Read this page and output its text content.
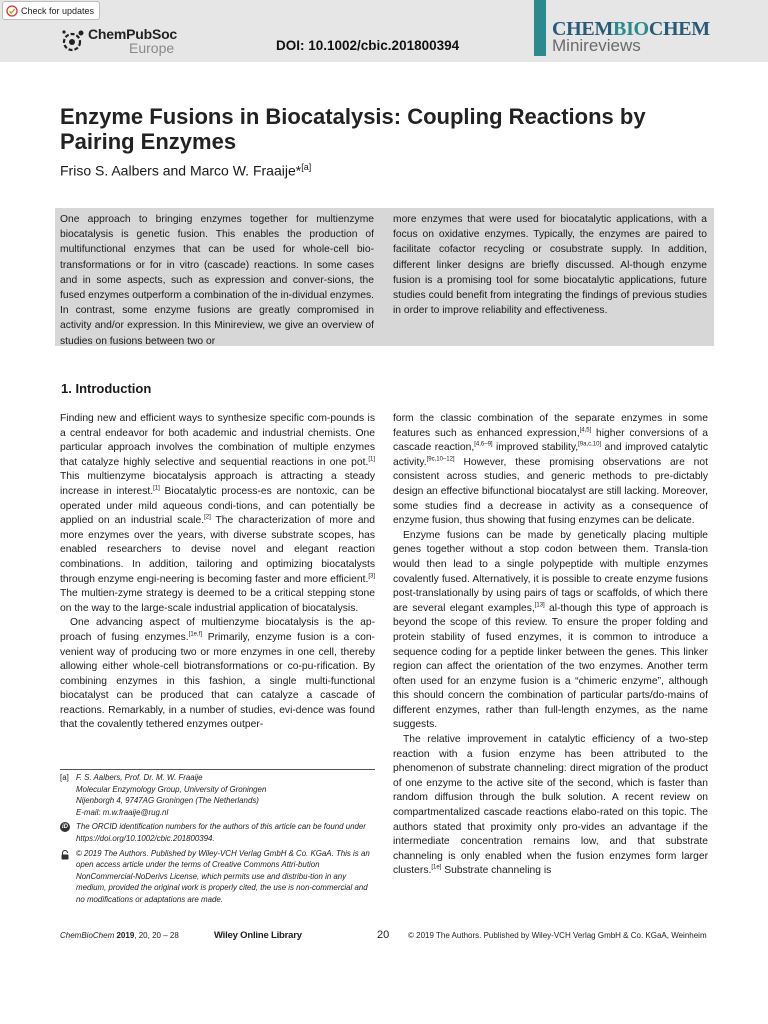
Check for updates
ChemPubSoc
Europe	DOI: 10.1002/cbic.201800394
CHEMBIOCHEM
Minireviews
Enzyme Fusions in Biocatalysis: Coupling Reactions by Pairing Enzymes
Friso S. Aalbers and Marco W. Fraaije*[a]
One approach to bringing enzymes together for multienzyme biocatalysis is genetic fusion. This enables the production of multifunctional enzymes that can be used for whole-cell bio-transformations or for in vitro (cascade) reactions. In some cases and in some aspects, such as expression and conver-sions, the fused enzymes outperform a combination of the in-dividual enzymes. In contrast, some enzyme fusions are greatly compromised in activity and/or expression. In this Minireview, we give an overview of studies on fusions between two or
more enzymes that were used for biocatalytic applications, with a focus on oxidative enzymes. Typically, the enzymes are paired to facilitate cofactor recycling or cosubstrate supply. In addition, different linker designs are briefly discussed. Al-though enzyme fusion is a promising tool for some biocatalytic applications, future studies could benefit from integrating the findings of previous studies in order to improve reliability and effectiveness.
1. Introduction

Finding new and efficient ways to synthesize specific com-pounds is a central endeavor for both academic and industrial chemists. One particular approach involves the combination of multiple enzymes that catalyze highly selective and sequential reactions in one pot.[1] This multienzyme biocatalysis approach is attracting a steady increase in interest.[1] Biocatalytic process-es are nontoxic, can be operated under mild aqueous condi-tions, and can potentially be applied on an industrial scale.[2] The characterization of more and more enzymes over the years, with diverse substrate scopes, has enabled researchers to devise novel and elegant reaction combinations. In addition, tailoring and optimizing biocatalysts through enzyme engi-neering is becoming faster and more efficient.[3] The multien-zyme strategy is deemed to be a critical stepping stone on the way to the large-scale industrial application of biocatalysis.

One advancing aspect of multienzyme biocatalysis is the ap-proach of fusing enzymes.[1e,f] Primarily, enzyme fusion is a con-venient way of producing two or more enzymes in one cell, thereby allowing either whole-cell biotransformations or co-pu-rification. By combining enzymes in this fashion, a single multi-functional biocatalyst can be produced that can catalyze a cascade of reactions. Remarkably, in a number of studies, evi-dence was found that the covalently tethered enzymes outper-

form the classic combination of the separate enzymes in some features such as enhanced expression,[4,5] higher conversions of a cascade reaction,[4,6–9] improved stability,[9a,c,10] and improved catalytic activity.[9c,10–12] However, these promising observations are not consistent across studies, and generic methods to pre-dictably design an effective bifunctional biocatalyst are still lacking. Moreover, some studies find a decrease in activity as a consequence of enzyme fusion, thus showing that fusing enzymes can be delicate.

Enzyme fusions can be made by genetically placing multiple genes together without a stop codon between them. Transla-tion would then lead to a single polypeptide with multiple enzymes covalently fused. Alternatively, it is possible to create enzyme fusions post-translationally by using pairs of tags or scaffolds, of which there are several elegant examples,[13] al-though this type of approach is beyond the scope of this review. To ensure the proper folding and protein stability of fused enzymes, it is common to introduce a sequence coding for a peptide linker between the genes. This linker region can affect the orientation of the two enzymes. Another term often used for an enzyme fusion is a “chimeric enzyme”, although this should concern the combination of particular parts/do-mains of different enzymes, rather than full-length enzymes, as the name suggests.

The relative improvement in catalytic efficiency of a two-step reaction with a fusion enzyme has been attributed to the phenomenon of substrate channeling: direct migration of the product of one enzyme to the active site of the second, which is faster than random diffusion through the bulk solution. A recent review on compartmentalized cascade reactions elabo-rated on this topic. The authors stated that proximity only pro-vides an advantage if the intermediate concentration remains low, and that substrate channeling is only enabled when the fusion enzymes form larger clusters.[1e] Substrate channeling is

[a] F. S. Aalbers, Prof. Dr. M. W. Fraaije
Molecular Enzymology Group, University of Groningen
Nijenborgh 4, 9747AG Groningen (The Netherlands)
E-mail: m.w.fraaije@rug.nl
iD The ORCID identification numbers for the authors of this article can be found under https://doi.org/10.1002/cbic.201800394.
© 2019 The Authors. Published by Wiley-VCH Verlag GmbH & Co. KGaA. This is an open access article under the terms of Creative Commons Attri-bution NonCommercial-NoDerivs License, which permits use and distribu-tion in any medium, provided the original work is properly cited, the use is non-commercial and no modifications or adaptations are made.
ChemBioChem 2019, 20, 20 – 28	Wiley Online Library	20 © 2019 The Authors. Published by Wiley-VCH Verlag GmbH & Co. KGaA, Weinheim
